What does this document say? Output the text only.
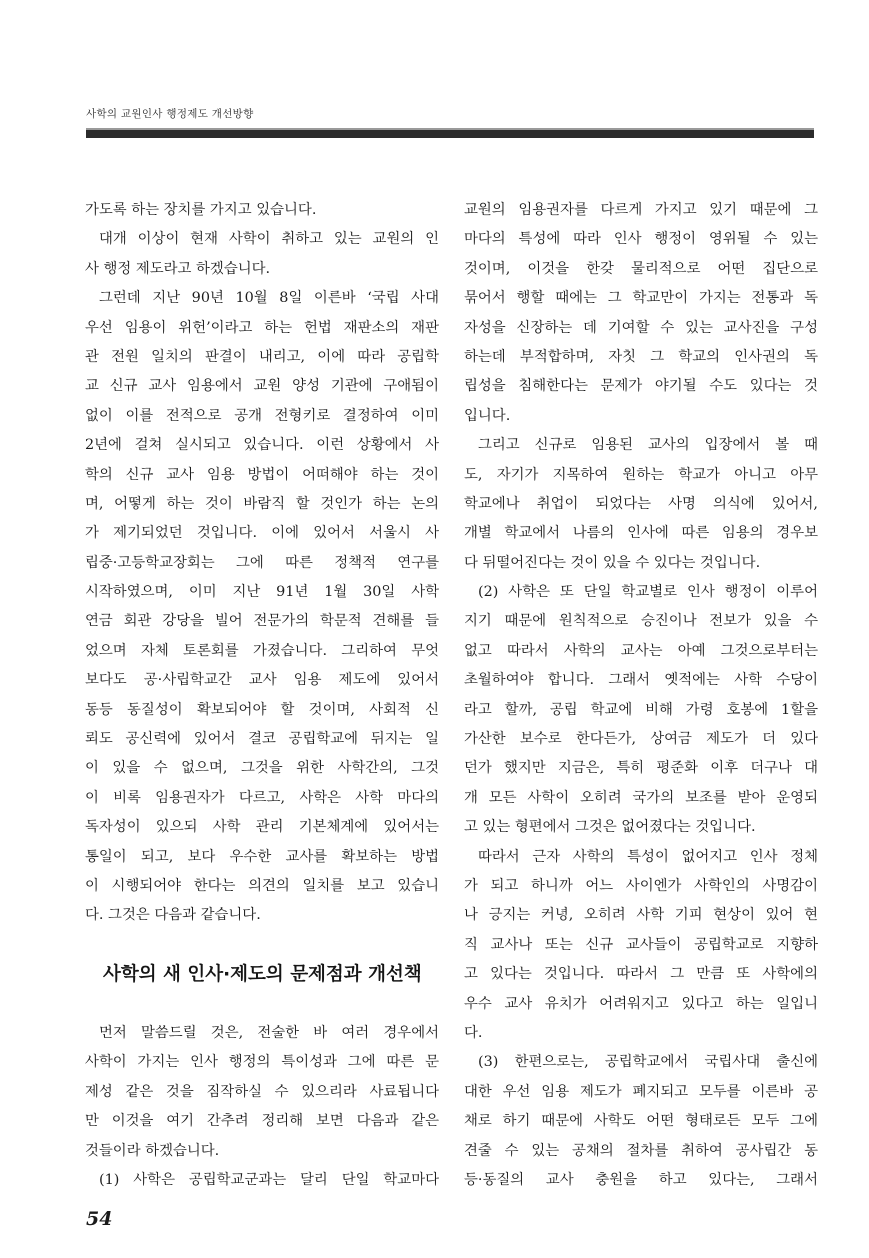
사학의 교원인사 행정제도 개선방향
가도록 하는 장치를 가지고 있습니다.
대개 이상이 현재 사학이 취하고 있는 교원의 인
사 행정 제도라고 하겠습니다.
그런데 지난 90년 10월 8일 이른바 ‘국립 사대
우선 임용이 위헌’이라고 하는 헌법 재판소의 재판
관 전원 일치의 판결이 내리고, 이에 따라 공립학
교 신규 교사 임용에서 교원 양성 기관에 구애됨이
없이 이를 전적으로 공개 전형키로 결정하여 이미
2년에 걸쳐 실시되고 있습니다. 이런 상황에서 사
학의 신규 교사 임용 방법이 어떠해야 하는 것이
며, 어떻게 하는 것이 바람직 할 것인가 하는 논의
가 제기되었던 것입니다. 이에 있어서 서울시 사
립중·고등학교장회는 그에 따른 정책적 연구를
시작하였으며, 이미 지난 91년 1월 30일 사학
연금 회관 강당을 빌어 전문가의 학문적 견해를 들
었으며 자체 토론회를 가졌습니다. 그리하여 무엇
보다도 공·사립학교간 교사 임용 제도에 있어서
동등 동질성이 확보되어야 할 것이며, 사회적 신
뢰도 공신력에 있어서 결코 공립학교에 뒤지는 일
이 있을 수 없으며, 그것을 위한 사학간의, 그것
이 비록 임용권자가 다르고, 사학은 사학 마다의
독자성이 있으되 사학 관리 기본체계에 있어서는
통일이 되고, 보다 우수한 교사를 확보하는 방법
이 시행되어야 한다는 의견의 일치를 보고 있습니
다. 그것은 다음과 같습니다.
사학의 새 인사·제도의 문제점과 개선책
먼저 말씀드릴 것은, 전술한 바 여러 경우에서
사학이 가지는 인사 행정의 특이성과 그에 따른 문
제성 같은 것을 짐작하실 수 있으리라 사료됩니다
만 이것을 여기 간추려 정리해 보면 다음과 같은
것들이라 하겠습니다.
(1) 사학은 공립학교군과는 달리 단일 학교마다
교원의 임용권자를 다르게 가지고 있기 때문에 그
마다의 특성에 따라 인사 행정이 영위될 수 있는
것이며, 이것을 한갖 물리적으로 어떤 집단으로
묶어서 행할 때에는 그 학교만이 가지는 전통과 독
자성을 신장하는 데 기여할 수 있는 교사진을 구성
하는데 부적합하며, 자칫 그 학교의 인사권의 독
립성을 침해한다는 문제가 야기될 수도 있다는 것
입니다.
그리고 신규로 임용된 교사의 입장에서 볼 때
도, 자기가 지목하여 원하는 학교가 아니고 아무
학교에나 취업이 되었다는 사명 의식에 있어서,
개별 학교에서 나름의 인사에 따른 임용의 경우보
다 뒤떨어진다는 것이 있을 수 있다는 것입니다.
(2) 사학은 또 단일 학교별로 인사 행정이 이루어
지기 때문에 원칙적으로 승진이나 전보가 있을 수
없고 따라서 사학의 교사는 아예 그것으로부터는
초월하여야 합니다. 그래서 옛적에는 사학 수당이
라고 할까, 공립 학교에 비해 가령 호봉에 1할을
가산한 보수로 한다든가, 상여금 제도가 더 있다
던가 했지만 지금은, 특히 평준화 이후 더구나 대
개 모든 사학이 오히려 국가의 보조를 받아 운영되
고 있는 형편에서 그것은 없어졌다는 것입니다.
따라서 근자 사학의 특성이 없어지고 인사 정체
가 되고 하니까 어느 사이엔가 사학인의 사명감이
나 긍지는 커녕, 오히려 사학 기피 현상이 있어 현
직 교사나 또는 신규 교사들이 공립학교로 지향하
고 있다는 것입니다. 따라서 그 만큼 또 사학에의
우수 교사 유치가 어려워지고 있다고 하는 일입니
다.
(3) 한편으로는, 공립학교에서 국립사대 출신에
대한 우선 임용 제도가 폐지되고 모두를 이른바 공
채로 하기 때문에 사학도 어떤 형태로든 모두 그에
견줄 수 있는 공채의 절차를 취하여 공사립간 동
등·동질의 교사 충원을 하고 있다는, 그래서
54
